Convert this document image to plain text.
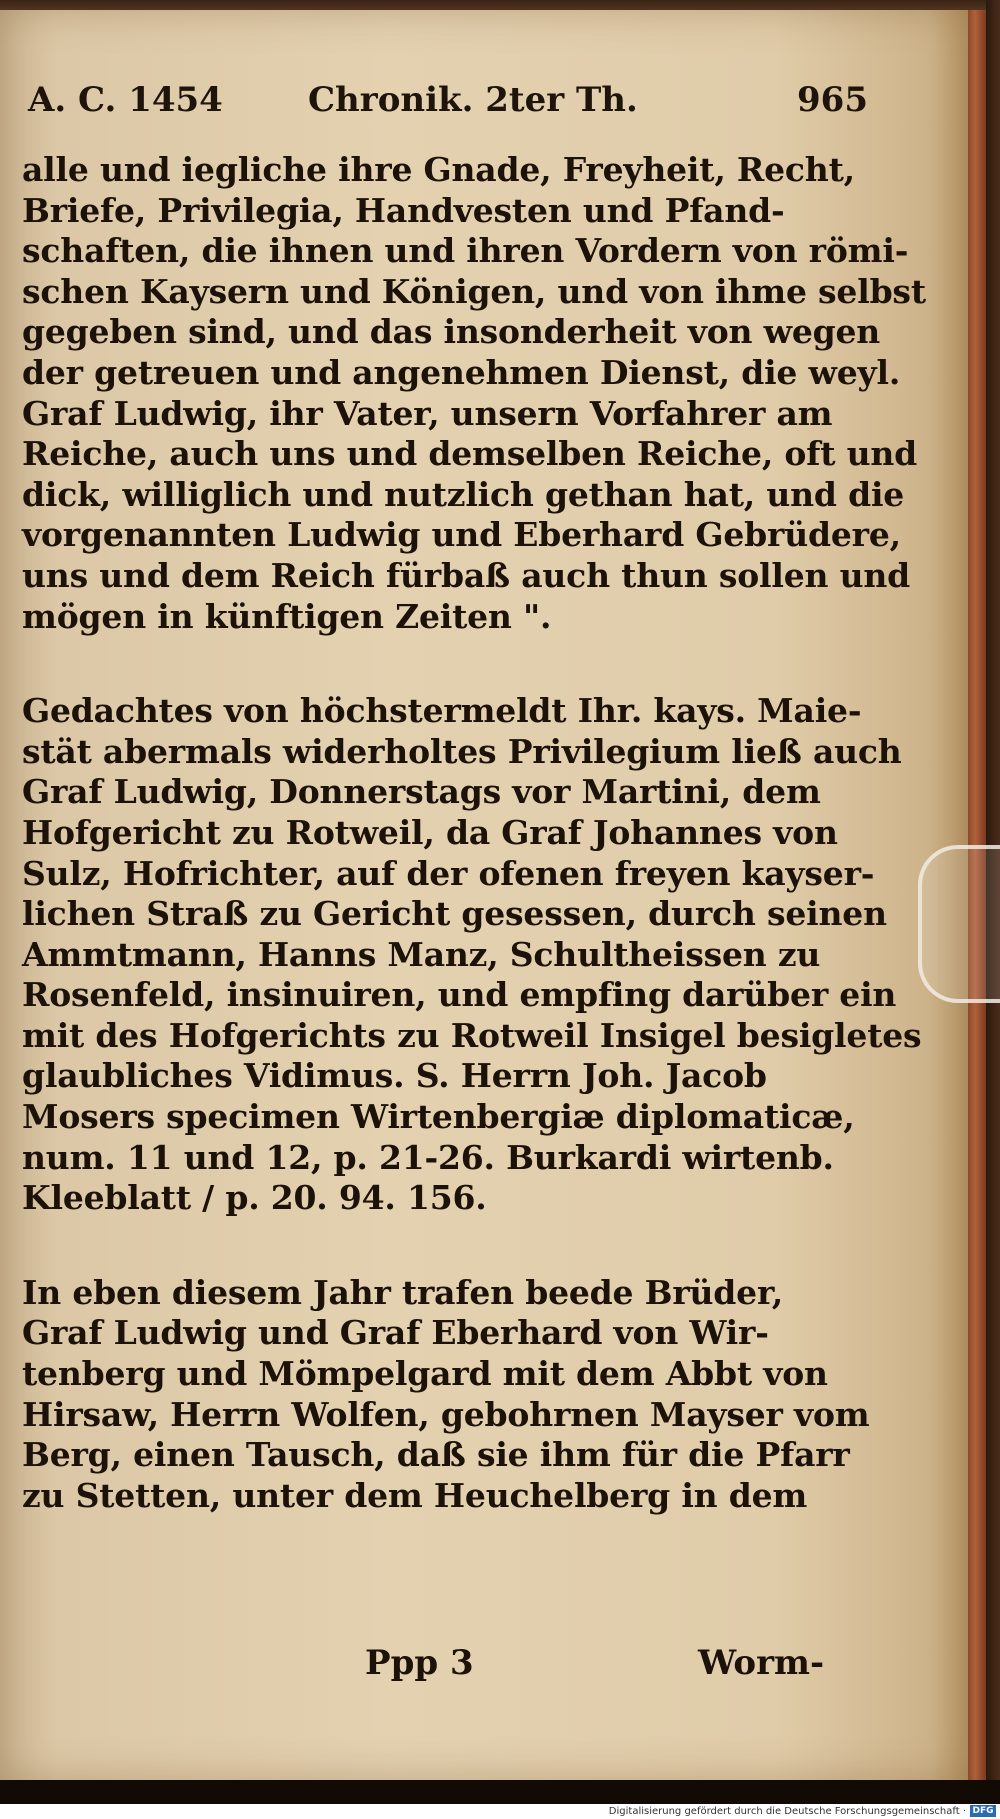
A. C. 1454	Chronik. 2ter Th.	965

alle und iegliche ihre Gnade, Freyheit, Recht,
Briefe, Privilegia, Handvesten und Pfand-
schaften, die ihnen und ihren Vordern von römi-
schen Kaysern und Königen, und von ihme selbst
gegeben sind, und das insonderheit von wegen
der getreuen und angenehmen Dienst, die weyl.
Graf Ludwig, ihr Vater, unsern Vorfahrer am
Reiche, auch uns und demselben Reiche, oft und
dick, williglich und nutzlich gethan hat, und die
vorgenannten Ludwig und Eberhard Gebrüdere,
uns und dem Reich fürbaß auch thun sollen und
mögen in künftigen Zeiten ".

Gedachtes von höchstermeldt Ihr. kays. Maie-
stät abermals widerholtes Privilegium ließ auch
Graf Ludwig, Donnerstags vor Martini, dem
Hofgericht zu Rotweil, da Graf Johannes von
Sulz, Hofrichter, auf der ofenen freyen kayser-
lichen Straß zu Gericht gesessen, durch seinen
Ammtmann, Hanns Manz, Schultheissen zu
Rosenfeld, insinuiren, und empfing darüber ein
mit des Hofgerichts zu Rotweil Insigel besigletes
glaubliches Vidimus. S. Herrn Joh. Jacob
Mosers specimen Wirtenbergiæ diplomaticæ,
num. 11 und 12, p. 21-26. Burkardi wirtenb.
Kleeblatt / p. 20. 94. 156.

In eben diesem Jahr trafen beede Brüder,
Graf Ludwig und Graf Eberhard von Wir-
tenberg und Mömpelgard mit dem Abbt von
Hirsaw, Herrn Wolfen, gebohrnen Mayser vom
Berg, einen Tausch, daß sie ihm für die Pfarr
zu Stetten, unter dem Heuchelberg in dem

Ppp 3	Worm-
Digitalisierung gefördert durch die Deutsche Forschungsgemeinschaft · DFG
